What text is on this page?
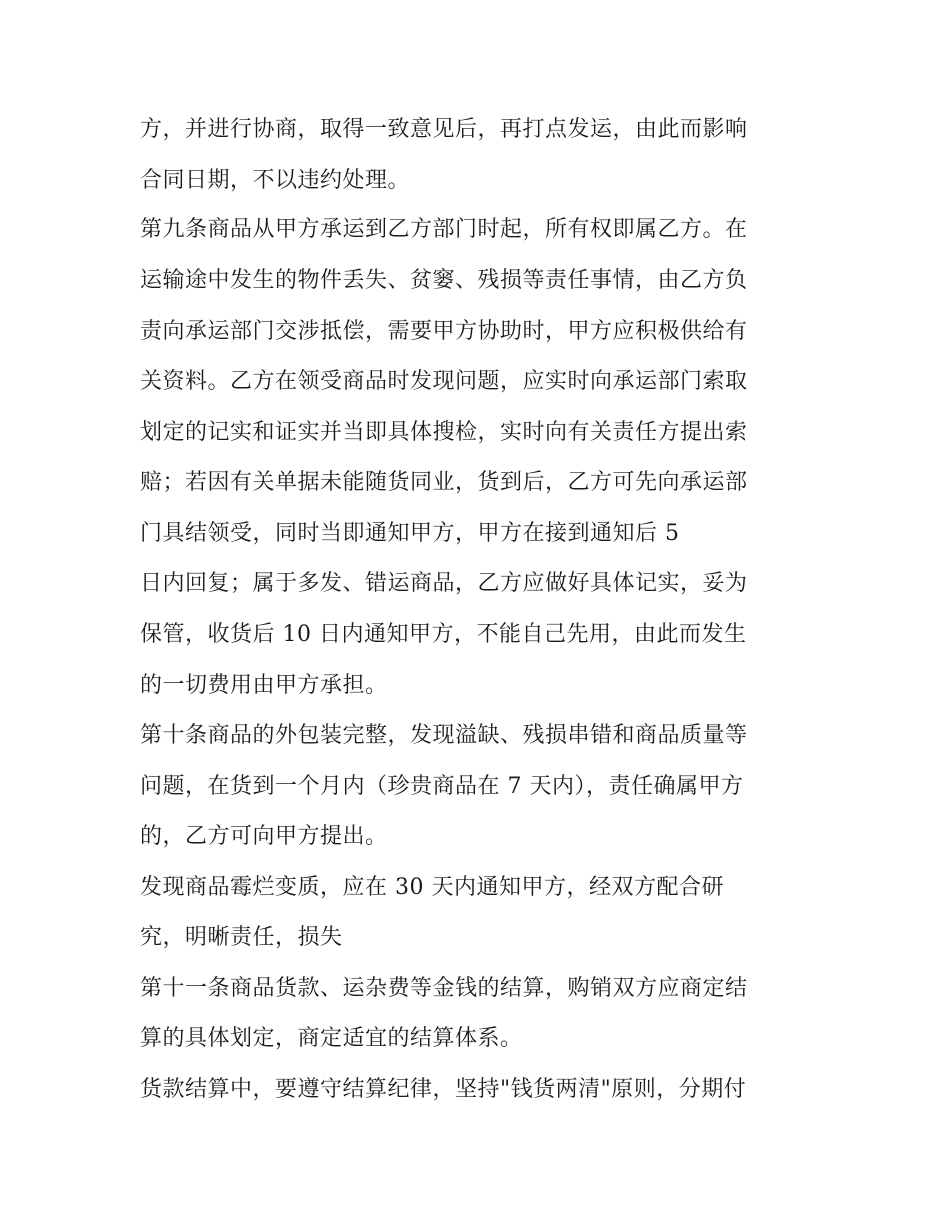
方，并进行协商，取得一致意见后，再打点发运，由此而影响
合同日期，不以违约处理。
第九条商品从甲方承运到乙方部门时起，所有权即属乙方。在
运输途中发生的物件丢失、贫窭、残损等责任事情，由乙方负
责向承运部门交涉抵偿，需要甲方协助时，甲方应积极供给有
关资料。乙方在领受商品时发现问题，应实时向承运部门索取
划定的记实和证实并当即具体搜检，实时向有关责任方提出索
赔；若因有关单据未能随货同业，货到后，乙方可先向承运部
门具结领受，同时当即通知甲方，甲方在接到通知后 5
日内回复；属于多发、错运商品，乙方应做好具体记实，妥为
保管，收货后 10 日内通知甲方，不能自己先用，由此而发生
的一切费用由甲方承担。
第十条商品的外包装完整，发现溢缺、残损串错和商品质量等
问题，在货到一个月内（珍贵商品在 7 天内），责任确属甲方
的，乙方可向甲方提出。
发现商品霉烂变质，应在 30 天内通知甲方，经双方配合研
究，明晰责任，损失
第十一条商品货款、运杂费等金钱的结算，购销双方应商定结
算的具体划定，商定适宜的结算体系。
货款结算中，要遵守结算纪律，坚持"钱货两清"原则，分期付
